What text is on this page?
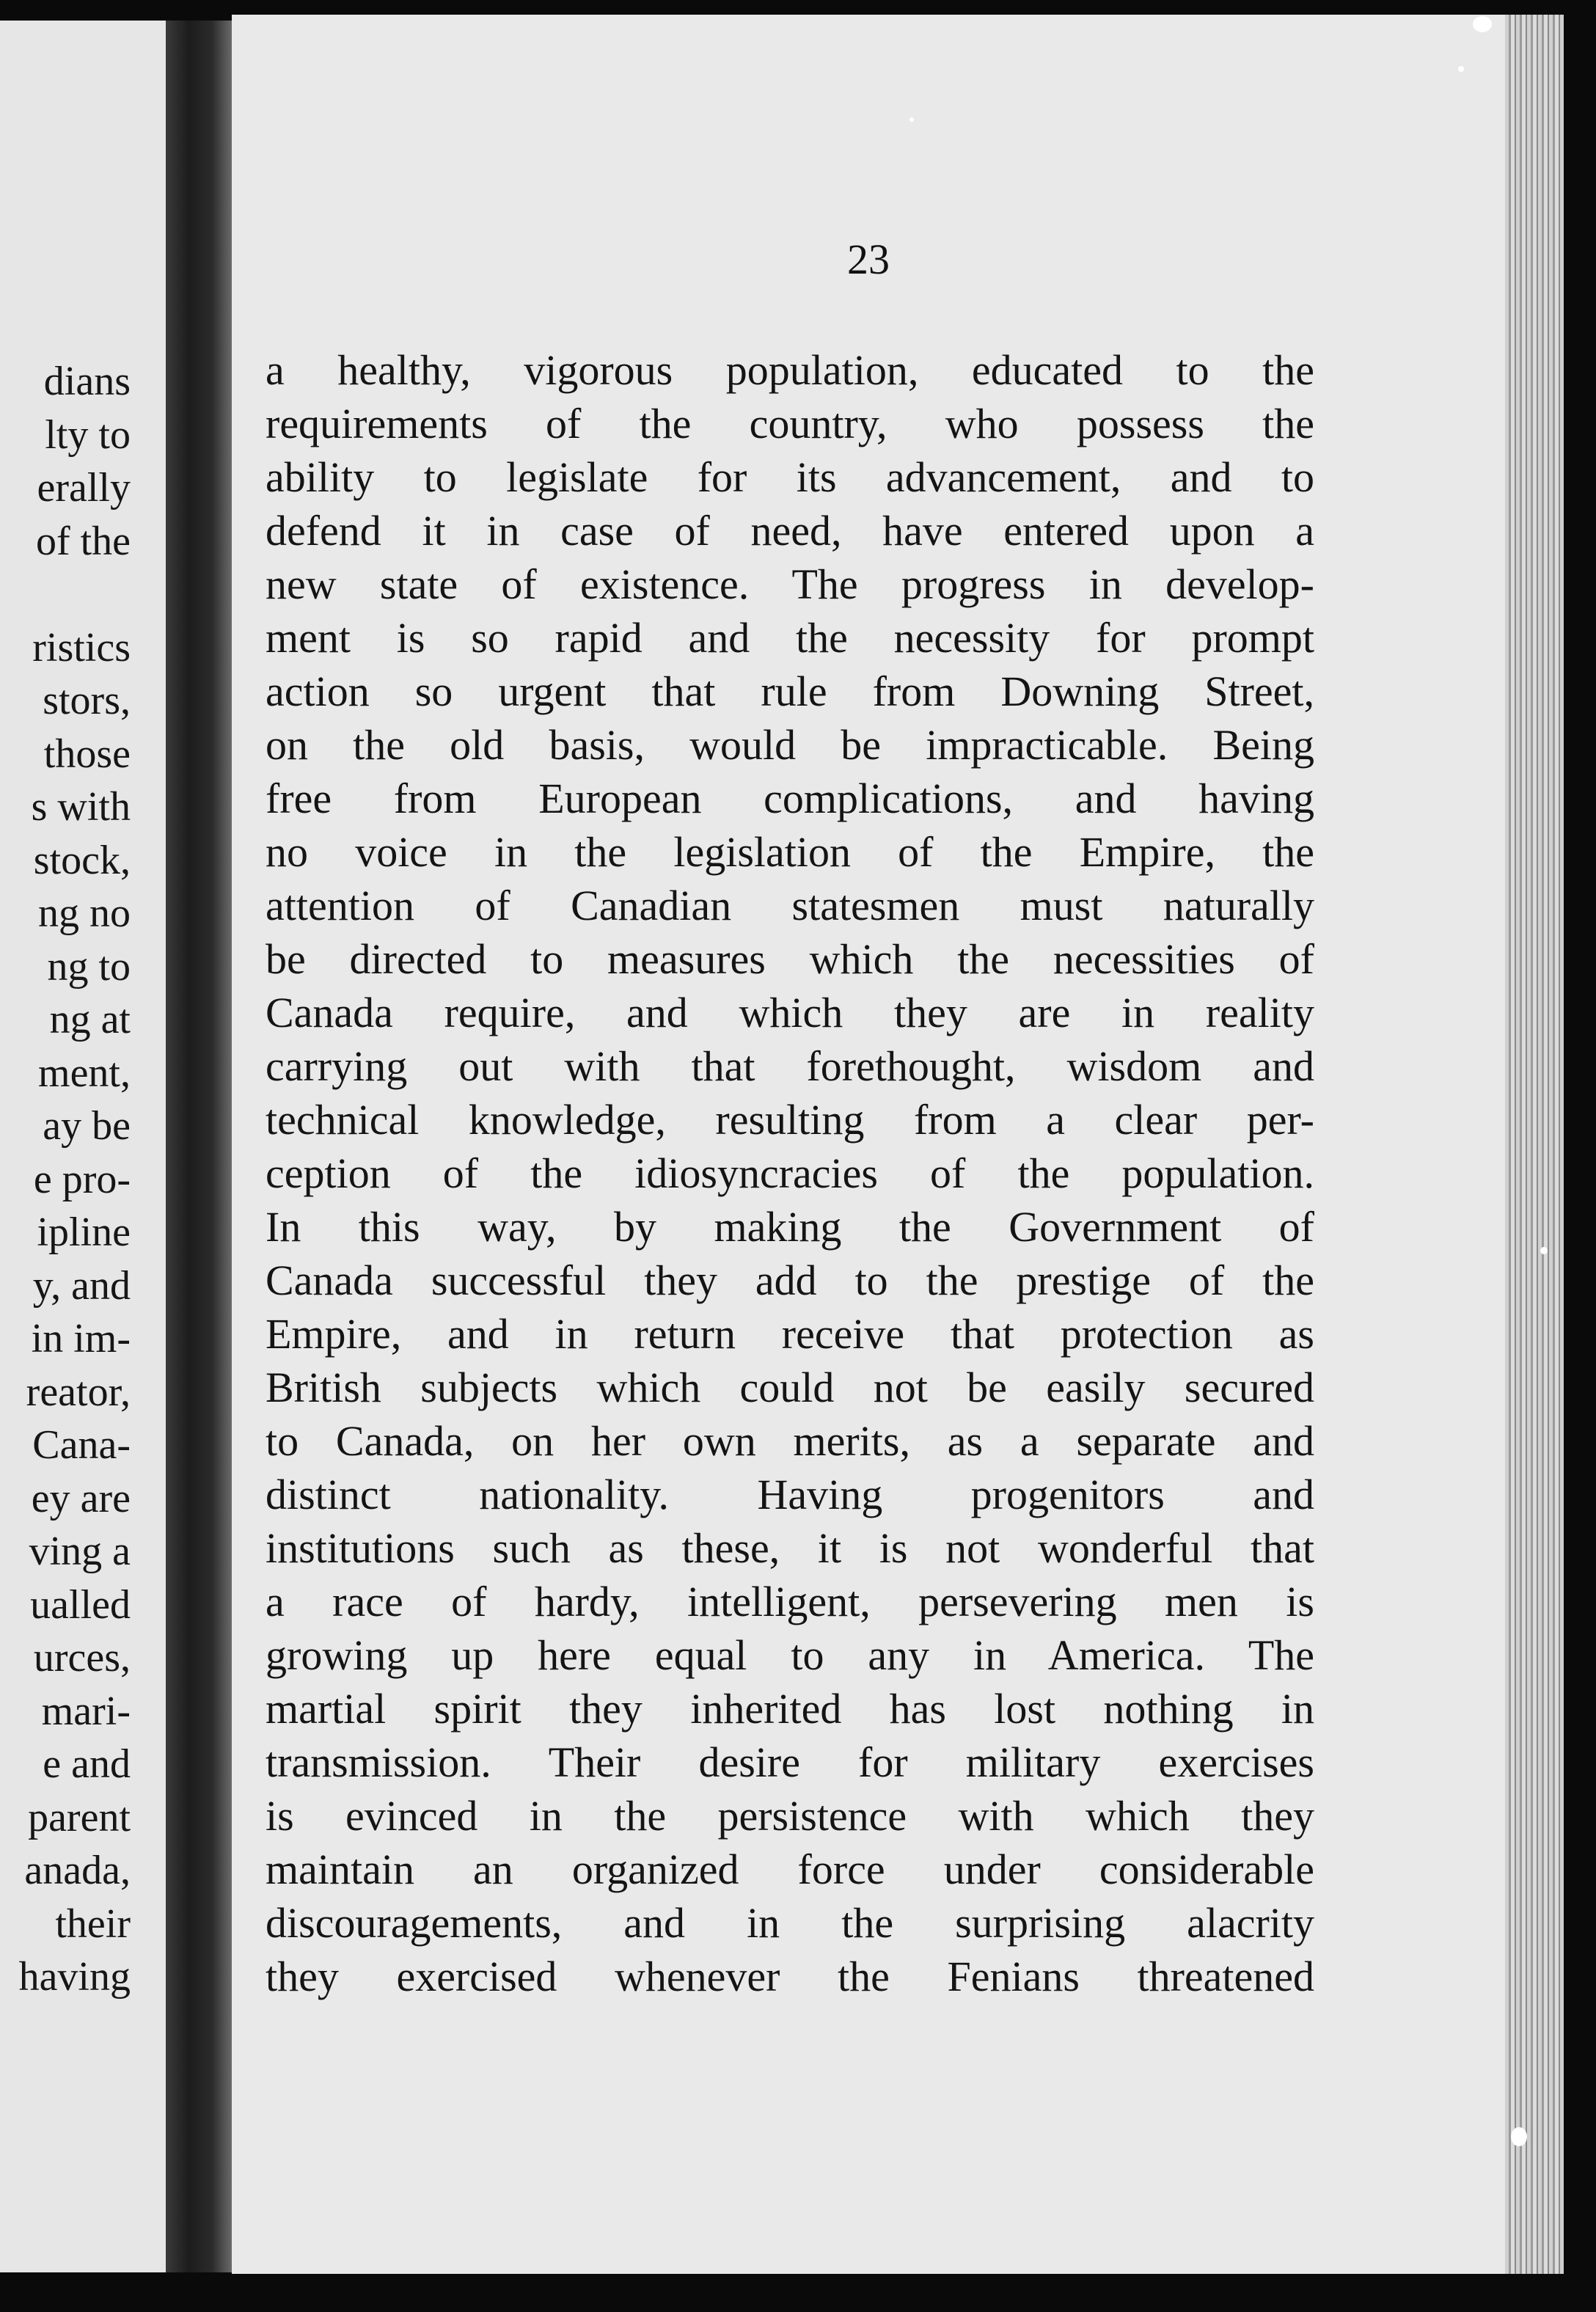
dians
lty to
erally
of the
ristics
stors,
those
s with
stock,
ng no
ng to
ng at
ment,
ay be
e pro-
ipline
y, and
in im-
reator,
Cana-
ey are
ving a
ualled
urces,
mari-
e and
parent
anada,
their
having
23
a healthy, vigorous population, educated to the
requirements of the country, who possess the
ability to legislate for its advancement, and to
defend it in case of need, have entered upon a
new state of existence. The progress in develop-
ment is so rapid and the necessity for prompt
action so urgent that rule from Downing Street,
on the old basis, would be impracticable. Being
free from European complications, and having
no voice in the legislation of the Empire, the
attention of Canadian statesmen must naturally
be directed to measures which the necessities of
Canada require, and which they are in reality
carrying out with that forethought, wisdom and
technical knowledge, resulting from a clear per-
ception of the idiosyncracies of the population.
In this way, by making the Government of
Canada successful they add to the prestige of the
Empire, and in return receive that protection as
British subjects which could not be easily secured
to Canada, on her own merits, as a separate and
distinct nationality. Having progenitors and
institutions such as these, it is not wonderful that
a race of hardy, intelligent, persevering men is
growing up here equal to any in America. The
martial spirit they inherited has lost nothing in
transmission. Their desire for military exercises
is evinced in the persistence with which they
maintain an organized force under considerable
discouragements, and in the surprising alacrity
they exercised whenever the Fenians threatened
